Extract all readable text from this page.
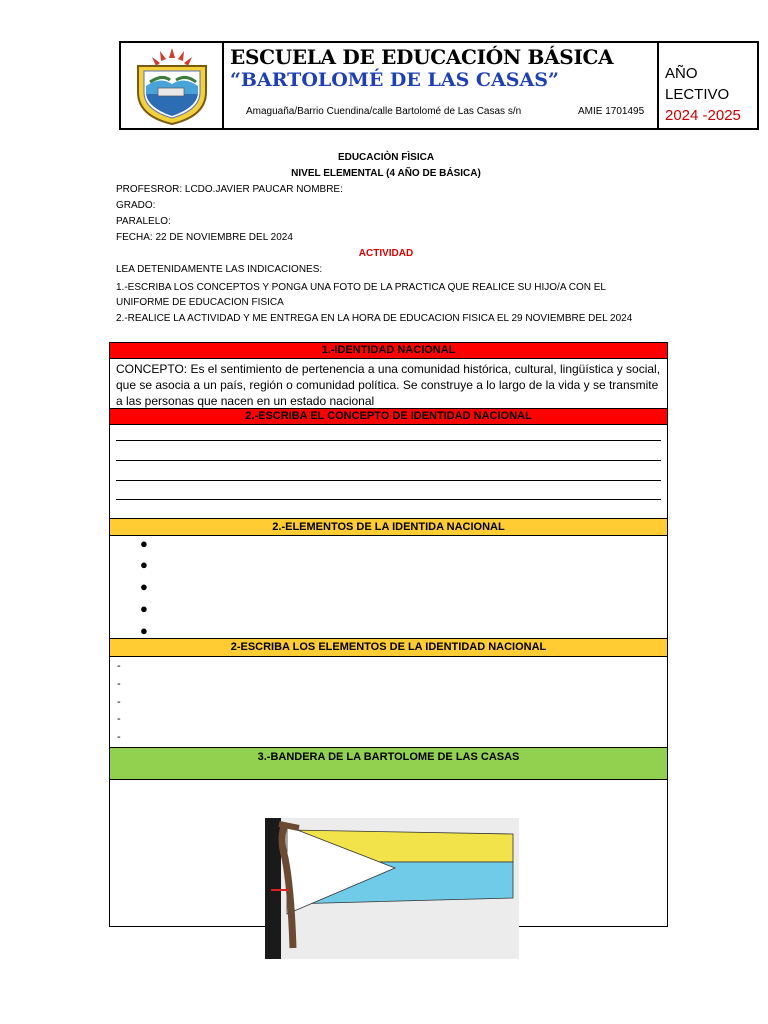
ESCUELA DE EDUCACIÓN BÁSICA
“BARTOLOMÉ DE LAS CASAS”
Amaguaña/Barrio Cuendina/calle Bartolomé de Las Casas s/n	AMIE 1701495
AÑO
LECTIVO
2024 -2025
EDUCACIÒN FÌSICA
NIVEL ELEMENTAL (4 AÑO DE BÁSICA)
PROFESROR: LCDO.JAVIER PAUCAR NOMBRE:
GRADO:
PARALELO:
FECHA: 22 DE NOVIEMBRE DEL 2024
ACTIVIDAD
LEA DETENIDAMENTE LAS INDICACIONES:
1.-ESCRIBA LOS CONCEPTOS Y PONGA UNA FOTO DE LA PRACTICA QUE REALICE SU HIJO/A CON EL UNIFORME DE EDUCACION FISICA
2.-REALICE LA ACTIVIDAD Y ME ENTREGA EN LA HORA DE EDUCACION FISICA EL 29 NOVIEMBRE DEL 2024
1.-IDENTIDAD NACIONAL
CONCEPTO: Es el sentimiento de pertenencia a una comunidad histórica, cultural, lingüística y social, que se asocia a un país, región o comunidad política. Se construye a lo largo de la vida y se transmite a las personas que nacen en un estado nacional
2.-ESCRIBA EL CONCEPTO DE IDENTIDAD NACIONAL
2.-ELEMENTOS DE LA IDENTIDA NACIONAL
●
●
●
●
●
2-ESCRIBA LOS ELEMENTOS DE LA IDENTIDAD NACIONAL
-
-
-
-
-
3.-BANDERA DE LA BARTOLOME DE LAS CASAS
